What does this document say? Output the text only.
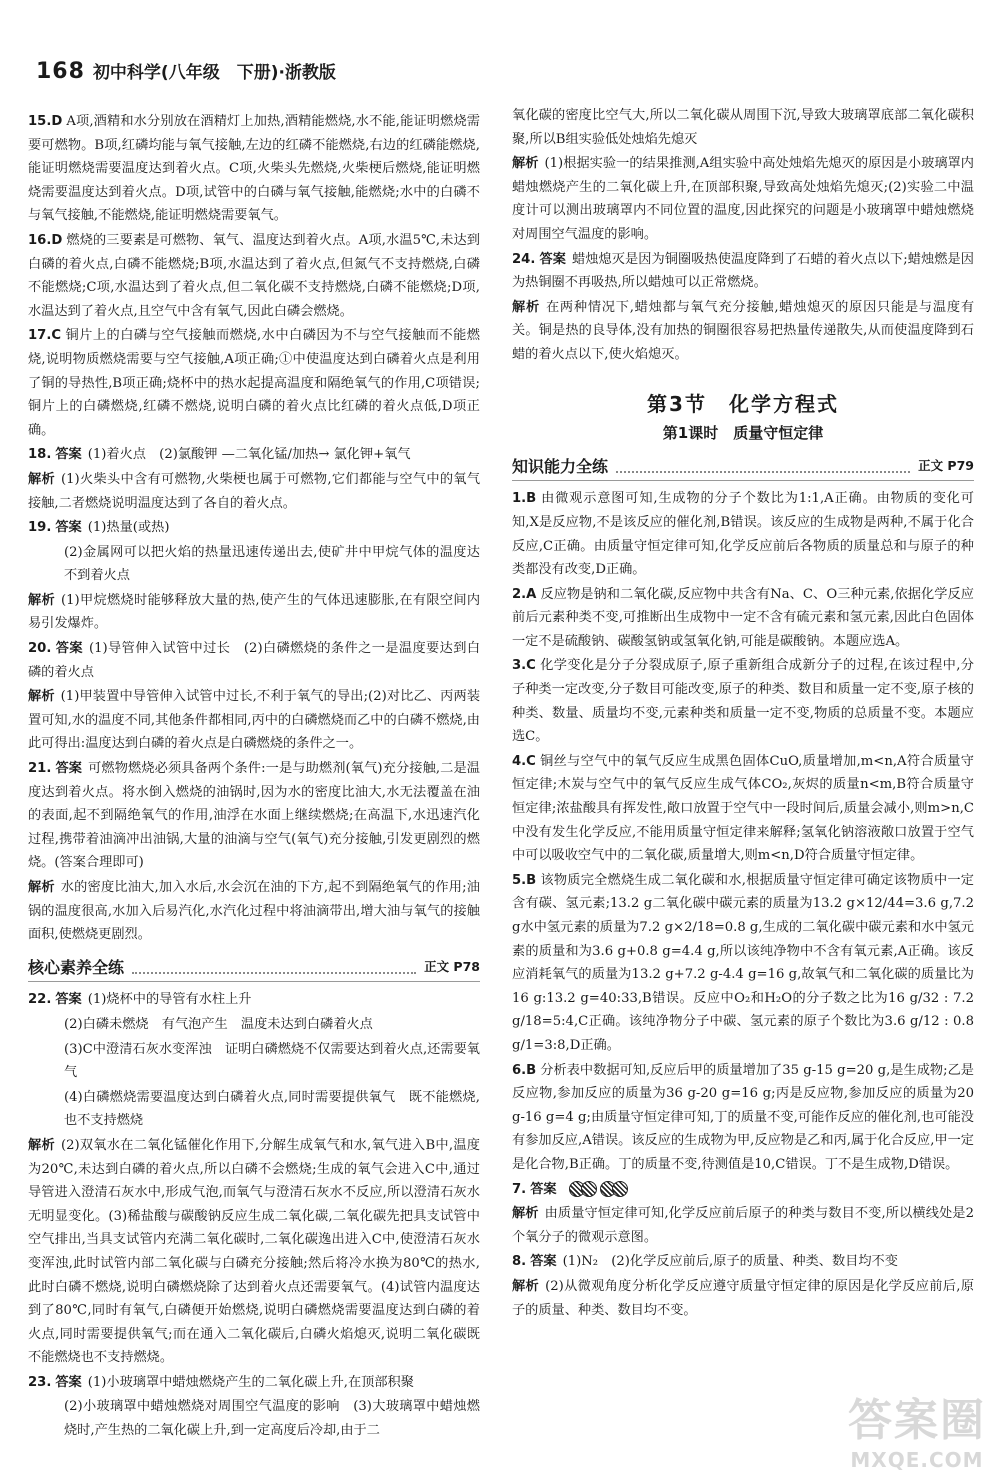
168 初中科学(八年级　下册)·浙教版

15.D A项,酒精和水分别放在酒精灯上加热,酒精能燃烧,水不能,能证明燃烧需要可燃物。B项,红磷均能与氧气接触,左边的红磷不能燃烧,右边的红磷能燃烧,能证明燃烧需要温度达到着火点。C项,火柴头先燃烧,火柴梗后燃烧,能证明燃烧需要温度达到着火点。D项,试管中的白磷与氧气接触,能燃烧;水中的白磷不与氧气接触,不能燃烧,能证明燃烧需要氧气。

16.D 燃烧的三要素是可燃物、氧气、温度达到着火点。A项,水温5℃,未达到白磷的着火点,白磷不能燃烧;B项,水温达到了着火点,但氮气不支持燃烧,白磷不能燃烧;C项,水温达到了着火点,但二氧化碳不支持燃烧,白磷不能燃烧;D项,水温达到了着火点,且空气中含有氧气,因此白磷会燃烧。

17.C 铜片上的白磷与空气接触而燃烧,水中白磷因为不与空气接触而不能燃烧,说明物质燃烧需要与空气接触,A项正确;①中使温度达到白磷着火点是利用了铜的导热性,B项正确;烧杯中的热水起提高温度和隔绝氧气的作用,C项错误;铜片上的白磷燃烧,红磷不燃烧,说明白磷的着火点比红磷的着火点低,D项正确。

18. 答案 (1)着火点　(2)氯酸钾 —二氧化锰/加热→ 氯化钾+氧气

解析 (1)火柴头中含有可燃物,火柴梗也属于可燃物,它们都能与空气中的氧气接触,二者燃烧说明温度达到了各自的着火点。

19. 答案 (1)热量(或热)

(2)金属网可以把火焰的热量迅速传递出去,使矿井中甲烷气体的温度达不到着火点

解析 (1)甲烷燃烧时能够释放大量的热,使产生的气体迅速膨胀,在有限空间内易引发爆炸。

20. 答案 (1)导管伸入试管中过长　(2)白磷燃烧的条件之一是温度要达到白磷的着火点

解析 (1)甲装置中导管伸入试管中过长,不利于氧气的导出;(2)对比乙、丙两装置可知,水的温度不同,其他条件都相同,丙中的白磷燃烧而乙中的白磷不燃烧,由此可得出:温度达到白磷的着火点是白磷燃烧的条件之一。

21. 答案 可燃物燃烧必须具备两个条件:一是与助燃剂(氧气)充分接触,二是温度达到着火点。将水倒入燃烧的油锅时,因为水的密度比油大,水无法覆盖在油的表面,起不到隔绝氧气的作用,油浮在水面上继续燃烧;在高温下,水迅速汽化过程,携带着油滴冲出油锅,大量的油滴与空气(氧气)充分接触,引发更剧烈的燃烧。(答案合理即可)

解析 水的密度比油大,加入水后,水会沉在油的下方,起不到隔绝氧气的作用;油锅的温度很高,水加入后易汽化,水汽化过程中将油滴带出,增大油与氧气的接触面积,使燃烧更剧烈。

核心素养全练	正文 P78

22. 答案 (1)烧杯中的导管有水柱上升

(2)白磷未燃烧　有气泡产生　温度未达到白磷着火点

(3)C中澄清石灰水变浑浊　证明白磷燃烧不仅需要达到着火点,还需要氧气

(4)白磷燃烧需要温度达到白磷着火点,同时需要提供氧气　既不能燃烧,也不支持燃烧

解析 (2)双氧水在二氧化锰催化作用下,分解生成氧气和水,氧气进入B中,温度为20℃,未达到白磷的着火点,所以白磷不会燃烧;生成的氧气会进入C中,通过导管进入澄清石灰水中,形成气泡,而氧气与澄清石灰水不反应,所以澄清石灰水无明显变化。(3)稀盐酸与碳酸钠反应生成二氧化碳,二氧化碳先把具支试管中空气排出,当具支试管内充满二氧化碳时,二氧化碳逸出进入C中,使澄清石灰水变浑浊,此时试管内部二氧化碳与白磷充分接触;然后将冷水换为80℃的热水,此时白磷不燃烧,说明白磷燃烧除了达到着火点还需要氧气。(4)试管内温度达到了80℃,同时有氧气,白磷便开始燃烧,说明白磷燃烧需要温度达到白磷的着火点,同时需要提供氧气;而在通入二氧化碳后,白磷火焰熄灭,说明二氧化碳既不能燃烧也不支持燃烧。

23. 答案 (1)小玻璃罩中蜡烛燃烧产生的二氧化碳上升,在顶部积聚

(2)小玻璃罩中蜡烛燃烧对周围空气温度的影响　(3)大玻璃罩中蜡烛燃烧时,产生热的二氧化碳上升,到一定高度后冷却,由于二

氧化碳的密度比空气大,所以二氧化碳从周围下沉,导致大玻璃罩底部二氧化碳积聚,所以B组实验低处烛焰先熄灭

解析 (1)根据实验一的结果推测,A组实验中高处烛焰先熄灭的原因是小玻璃罩内蜡烛燃烧产生的二氧化碳上升,在顶部积聚,导致高处烛焰先熄灭;(2)实验二中温度计可以测出玻璃罩内不同位置的温度,因此探究的问题是小玻璃罩中蜡烛燃烧对周围空气温度的影响。

24. 答案 蜡烛熄灭是因为铜圈吸热使温度降到了石蜡的着火点以下;蜡烛燃是因为热铜圈不再吸热,所以蜡烛可以正常燃烧。

解析 在两种情况下,蜡烛都与氧气充分接触,蜡烛熄灭的原因只能是与温度有关。铜是热的良导体,没有加热的铜圈很容易把热量传递散失,从而使温度降到石蜡的着火点以下,使火焰熄灭。

第3节　化学方程式
第1课时　质量守恒定律
知识能力全练	正文 P79

1.B 由微观示意图可知,生成物的分子个数比为1:1,A正确。由物质的变化可知,X是反应物,不是该反应的催化剂,B错误。该反应的生成物是两种,不属于化合反应,C正确。由质量守恒定律可知,化学反应前后各物质的质量总和与原子的种类都没有改变,D正确。

2.A 反应物是钠和二氧化碳,反应物中共含有Na、C、O三种元素,依据化学反应前后元素种类不变,可推断出生成物中一定不含有硫元素和氢元素,因此白色固体一定不是硫酸钠、碳酸氢钠或氢氧化钠,可能是碳酸钠。本题应选A。

3.C 化学变化是分子分裂成原子,原子重新组合成新分子的过程,在该过程中,分子种类一定改变,分子数目可能改变,原子的种类、数目和质量一定不变,原子核的种类、数量、质量均不变,元素种类和质量一定不变,物质的总质量不变。本题应选C。

4.C 铜丝与空气中的氧气反应生成黑色固体CuO,质量增加,m<n,A符合质量守恒定律;木炭与空气中的氧气反应生成气体CO₂,灰烬的质量n<m,B符合质量守恒定律;浓盐酸具有挥发性,敞口放置于空气中一段时间后,质量会减小,则m>n,C中没有发生化学反应,不能用质量守恒定律来解释;氢氧化钠溶液敞口放置于空气中可以吸收空气中的二氧化碳,质量增大,则m<n,D符合质量守恒定律。

5.B 该物质完全燃烧生成二氧化碳和水,根据质量守恒定律可确定该物质中一定含有碳、氢元素;13.2 g二氧化碳中碳元素的质量为13.2 g×12/44=3.6 g,7.2 g水中氢元素的质量为7.2 g×2/18=0.8 g,生成的二氧化碳中碳元素和水中氢元素的质量和为3.6 g+0.8 g=4.4 g,所以该纯净物中不含有氧元素,A正确。该反应消耗氧气的质量为13.2 g+7.2 g-4.4 g=16 g,故氧气和二氧化碳的质量比为16 g:13.2 g=40:33,B错误。反应中O₂和H₂O的分子数之比为16 g/32 : 7.2 g/18=5:4,C正确。该纯净物分子中碳、氢元素的原子个数比为3.6 g/12 : 0.8 g/1=3:8,D正确。

6.B 分析表中数据可知,反应后甲的质量增加了35 g-15 g=20 g,是生成物;乙是反应物,参加反应的质量为36 g-20 g=16 g;丙是反应物,参加反应的质量为20 g-16 g=4 g;由质量守恒定律可知,丁的质量不变,可能作反应的催化剂,也可能没有参加反应,A错误。该反应的生成物为甲,反应物是乙和丙,属于化合反应,甲一定是化合物,B正确。丁的质量不变,待测值是10,C错误。丁不是生成物,D错误。

7. 答案

解析 由质量守恒定律可知,化学反应前后原子的种类与数目不变,所以横线处是2个氧分子的微观示意图。

8. 答案 (1)N₂　(2)化学反应前后,原子的质量、种类、数目均不变

解析 (2)从微观角度分析化学反应遵守质量守恒定律的原因是化学反应前后,原子的质量、种类、数目均不变。

答案圈
MXQE.COM
